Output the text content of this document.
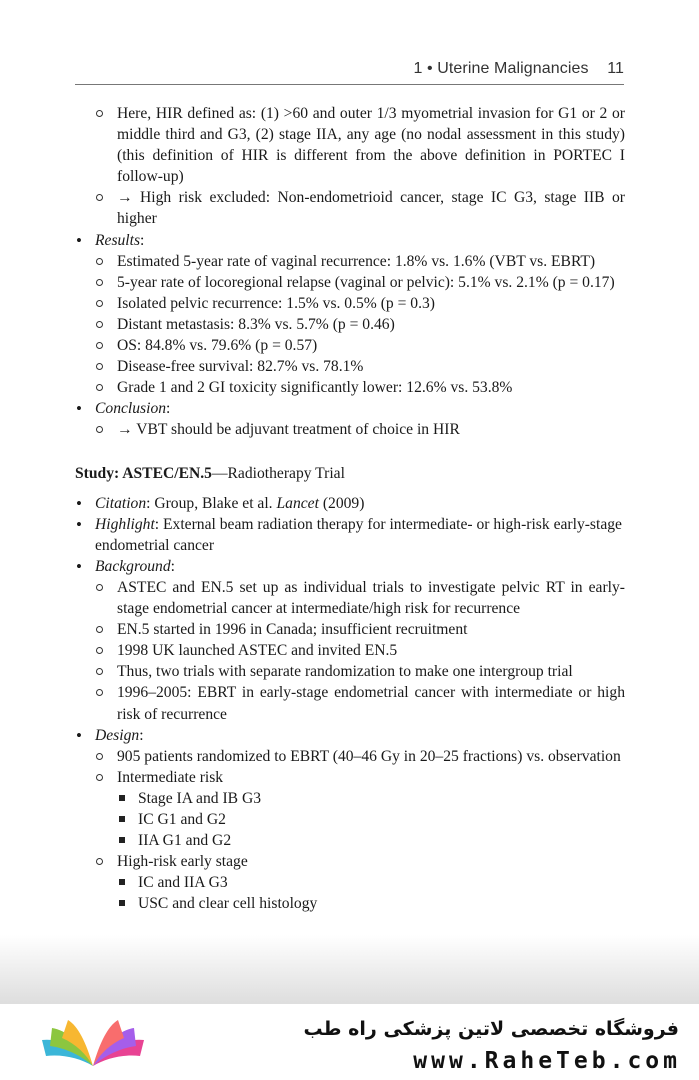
1 • Uterine Malignancies 11
Here, HIR defined as: (1) >60 and outer 1/3 myometrial invasion for G1 or 2 or middle third and G3, (2) stage IIA, any age (no nodal assessment in this study) (this definition of HIR is different from the above definition in PORTEC I follow-up)
→ High risk excluded: Non-endometrioid cancer, stage IC G3, stage IIB or higher
• Results:
Estimated 5-year rate of vaginal recurrence: 1.8% vs. 1.6% (VBT vs. EBRT)
5-year rate of locoregional relapse (vaginal or pelvic): 5.1% vs. 2.1% (p = 0.17)
Isolated pelvic recurrence: 1.5% vs. 0.5% (p = 0.3)
Distant metastasis: 8.3% vs. 5.7% (p = 0.46)
OS: 84.8% vs. 79.6% (p = 0.57)
Disease-free survival: 82.7% vs. 78.1%
Grade 1 and 2 GI toxicity significantly lower: 12.6% vs. 53.8%
• Conclusion:
→ VBT should be adjuvant treatment of choice in HIR
Study: ASTEC/EN.5—Radiotherapy Trial
• Citation: Group, Blake et al. Lancet (2009)
• Highlight: External beam radiation therapy for intermediate- or high-risk early-stage endometrial cancer
• Background:
ASTEC and EN.5 set up as individual trials to investigate pelvic RT in early-stage endometrial cancer at intermediate/high risk for recurrence
EN.5 started in 1996 in Canada; insufficient recruitment
1998 UK launched ASTEC and invited EN.5
Thus, two trials with separate randomization to make one intergroup trial
1996–2005: EBRT in early-stage endometrial cancer with intermediate or high risk of recurrence
• Design:
905 patients randomized to EBRT (40–46 Gy in 20–25 fractions) vs. observation
Intermediate risk
Stage IA and IB G3
IC G1 and G2
IIA G1 and G2
High-risk early stage
IC and IIA G3
USC and clear cell histology
فروشگاه تخصصی لاتین پزشکی راه طب
www.RaheTeb.com
